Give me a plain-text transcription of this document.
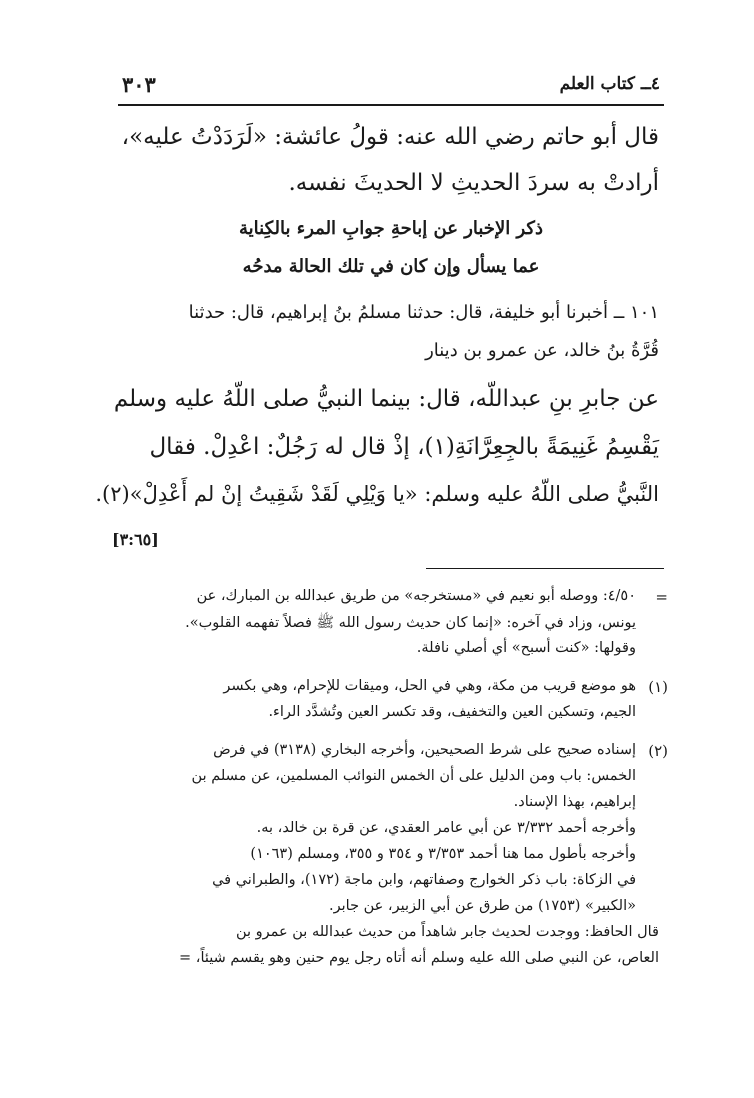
٤ــ كتاب العلم
٣٠٣
قال أبو حاتم رضي الله عنه: قولُ عائشة: «لَرَدَدْتُ عليه»،
أرادتْ به سردَ الحديثِ لا الحديثَ نفسه.
ذكر الإخبار عن إباحةِ جوابِ المرء بالكِناية
عما يسأل وإن كان في تلك الحالة مدحُه
١٠١ ــ أخبرنا أبو خليفة، قال: حدثنا مسلمُ بنُ إبراهيم، قال: حدثنا
قُرَّةُ بنُ خالد، عن عمرو بن دينار
عن جابرِ بنِ عبداللّه، قال: بينما النبيُّ صلى اللّهُ عليه وسلم
يَقْسِمُ غَنِيمَةً بالجِعِرَّانَةِ(١)، إذْ قال له رَجُلٌ: اعْدِلْ. فقال
النَّبيُّ صلى اللّهُ عليه وسلم: «يا وَيْلِي لَقَدْ شَقِيتُ إنْ لم أَعْدِلْ»(٢).
[٣:٦٥]
=
٤/٥٠: ووصله أبو نعيم في «مستخرجه» من طريق عبدالله بن المبارك، عن
يونس، وزاد في آخره: «إنما كان حديث رسول الله ﷺ فصلاً تفهمه القلوب».
وقولها: «كنت أسبح» أي أصلي نافلة.
(١)
هو موضع قريب من مكة، وهي في الحل، وميقات للإحرام، وهي بكسر
الجيم، وتسكين العين والتخفيف، وقد تكسر العين وتُشدَّد الراء.
(٢)
إسناده صحيح على شرط الصحيحين، وأخرجه البخاري (٣١٣٨) في فرض
الخمس: باب ومن الدليل على أن الخمس النوائب المسلمين، عن مسلم بن
إبراهيم، بهذا الإسناد.
وأخرجه أحمد ٣/٣٣٢ عن أبي عامر العقدي، عن قرة بن خالد، به.
وأخرجه بأطول مما هنا أحمد ٣/٣٥٣ و ٣٥٤ و ٣٥٥، ومسلم (١٠٦٣)
في الزكاة: باب ذكر الخوارج وصفاتهم، وابن ماجة (١٧٢)، والطبراني في
«الكبير» (١٧٥٣) من طرق عن أبي الزبير، عن جابر.
قال الحافظ: ووجدت لحديث جابر شاهداً من حديث عبدالله بن عمرو بن
العاص، عن النبي صلى الله عليه وسلم أنه أتاه رجل يوم حنين وهو يقسم شيئاً، =
